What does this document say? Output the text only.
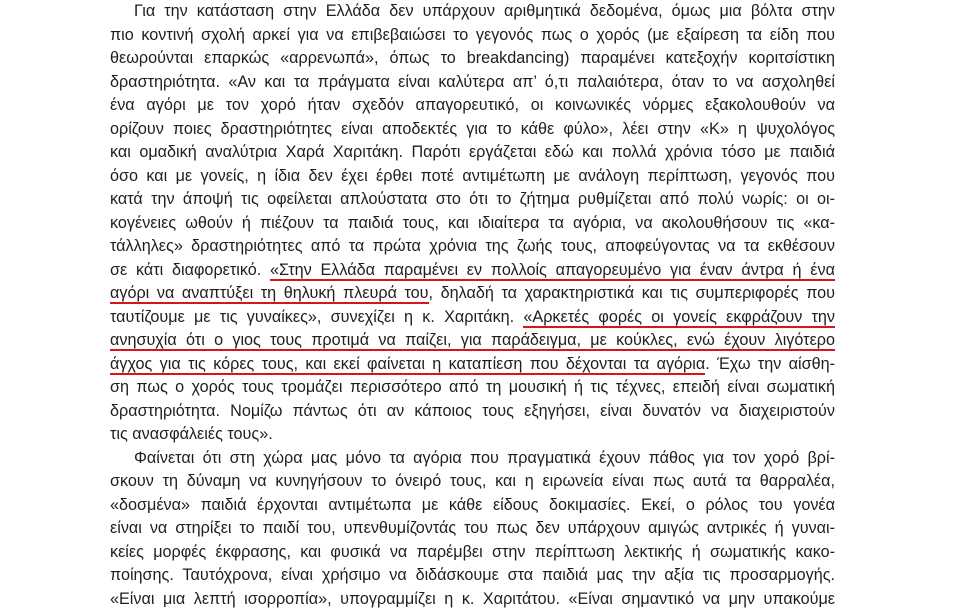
Για την κατάσταση στην Ελλάδα δεν υπάρχουν αριθμητικά δεδομένα, όμως μια βόλτα στην
πιο κοντινή σχολή αρκεί για να επιβεβαιώσει το γεγονός πως ο χορός (με εξαίρεση τα είδη που
θεωρούνται επαρκώς «αρρενωπά», όπως το breakdancing) παραμένει κατεξοχήν κοριτσίστικη
δραστηριότητα. «Αν και τα πράγματα είναι καλύτερα απ’ ό,τι παλαιότερα, όταν το να ασχοληθεί
ένα αγόρι με τον χορό ήταν σχεδόν απαγορευτικό, οι κοινωνικές νόρμες εξακολουθούν να
ορίζουν ποιες δραστηριότητες είναι αποδεκτές για το κάθε φύλο», λέει στην «Κ» η ψυχολόγος
και ομαδική αναλύτρια Χαρά Χαριτάκη. Παρότι εργάζεται εδώ και πολλά χρόνια τόσο με παιδιά
όσο και με γονείς, η ίδια δεν έχει έρθει ποτέ αντιμέτωπη με ανάλογη περίπτωση, γεγονός που
κατά την άποψή τις οφείλεται απλούστατα στο ότι το ζήτημα ρυθμίζεται από πολύ νωρίς: οι οι-
κογένειες ωθούν ή πιέζουν τα παιδιά τους, και ιδιαίτερα τα αγόρια, να ακολουθήσουν τις «κα-
τάλληλες» δραστηριότητες από τα πρώτα χρόνια της ζωής τους, αποφεύγοντας να τα εκθέσουν
σε κάτι διαφορετικό. «Στην Ελλάδα παραμένει εν πολλοίς απαγορευμένο για έναν άντρα ή ένα
αγόρι να αναπτύξει τη θηλυκή πλευρά του, δηλαδή τα χαρακτηριστικά και τις συμπεριφορές που
ταυτίζουμε με τις γυναίκες», συνεχίζει η κ. Χαριτάκη. «Αρκετές φορές οι γονείς εκφράζουν την
ανησυχία ότι ο γιος τους προτιμά να παίζει, για παράδειγμα, με κούκλες, ενώ έχουν λιγότερο
άγχος για τις κόρες τους, και εκεί φαίνεται η καταπίεση που δέχονται τα αγόρια. Έχω την αίσθη-
ση πως ο χορός τους τρομάζει περισσότερο από τη μουσική ή τις τέχνες, επειδή είναι σωματική
δραστηριότητα. Νομίζω πάντως ότι αν κάποιος τους εξηγήσει, είναι δυνατόν να διαχειριστούν
τις ανασφάλειές τους».
Φαίνεται ότι στη χώρα μας μόνο τα αγόρια που πραγματικά έχουν πάθος για τον χορό βρί-
σκουν τη δύναμη να κυνηγήσουν το όνειρό τους, και η ειρωνεία είναι πως αυτά τα θαρραλέα,
«δοσμένα» παιδιά έρχονται αντιμέτωπα με κάθε είδους δοκιμασίες. Εκεί, ο ρόλος του γονέα
είναι να στηρίξει το παιδί του, υπενθυμίζοντάς του πως δεν υπάρχουν αμιγώς αντρικές ή γυναι-
κείες μορφές έκφρασης, και φυσικά να παρέμβει στην περίπτωση λεκτικής ή σωματικής κακο-
ποίησης. Ταυτόχρονα, είναι χρήσιμο να διδάσκουμε στα παιδιά μας την αξία τις προσαρμογής.
«Είναι μια λεπτή ισορροπία», υπογραμμίζει η κ. Χαριτάτου. «Είναι σημαντικό να μην υπακούμε
